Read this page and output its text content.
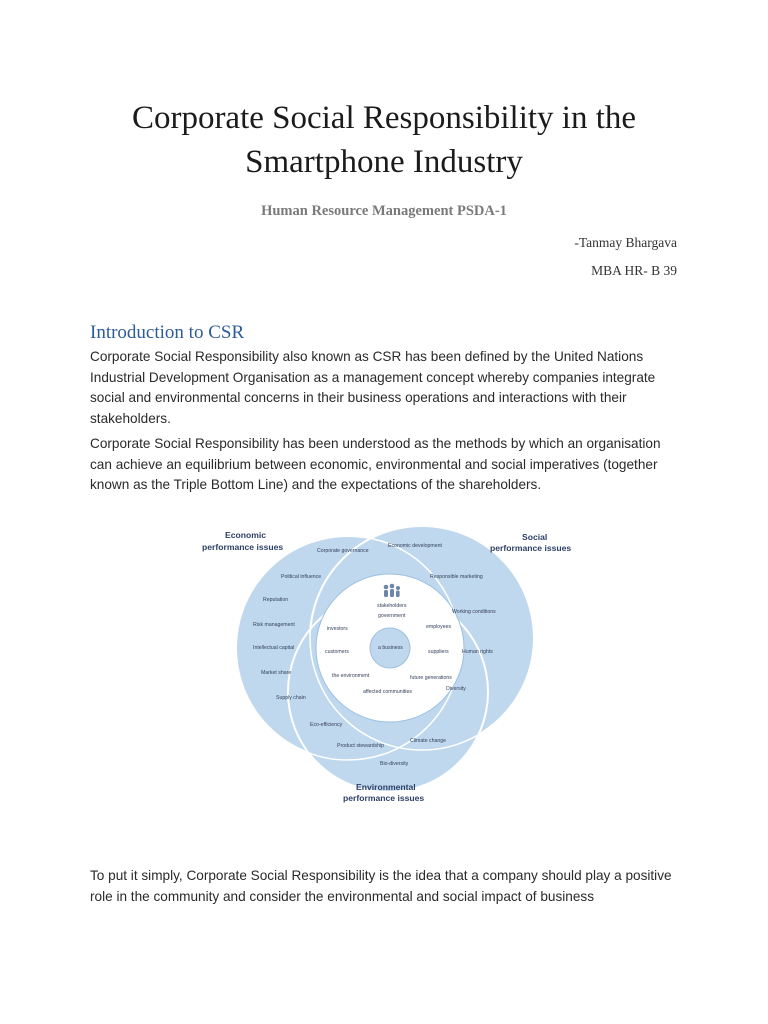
Corporate Social Responsibility in the
Smartphone Industry
Human Resource Management PSDA-1
-Tanmay Bhargava
MBA HR- B 39
Introduction to CSR
Corporate Social Responsibility also known as CSR has been defined by the United Nations Industrial Development Organisation as a management concept whereby companies integrate social and environmental concerns in their business operations and interactions with their stakeholders.
Corporate Social Responsibility has been understood as the methods by which an organisation can achieve an equilibrium between economic, environmental and social imperatives (together known as the Triple Bottom Line) and the expectations of the shareholders.
Economic
performance issues
Social
performance issues
Environmental
performance issues
Corporate governance
Political influence
Reputation
Risk management
Intellectual capital
Market share
Supply chain
Eco-efficiency
Economic development
Responsible marketing
Working conditions
Human rights
Diversity
Product stewardship
Climate change
Bio-diversity
stakeholders
government
investors	employees
customers	suppliers
the environment	future generations
affected communities
a business
To put it simply, Corporate Social Responsibility is the idea that a company should play a positive role in the community and consider the environmental and social impact of business
